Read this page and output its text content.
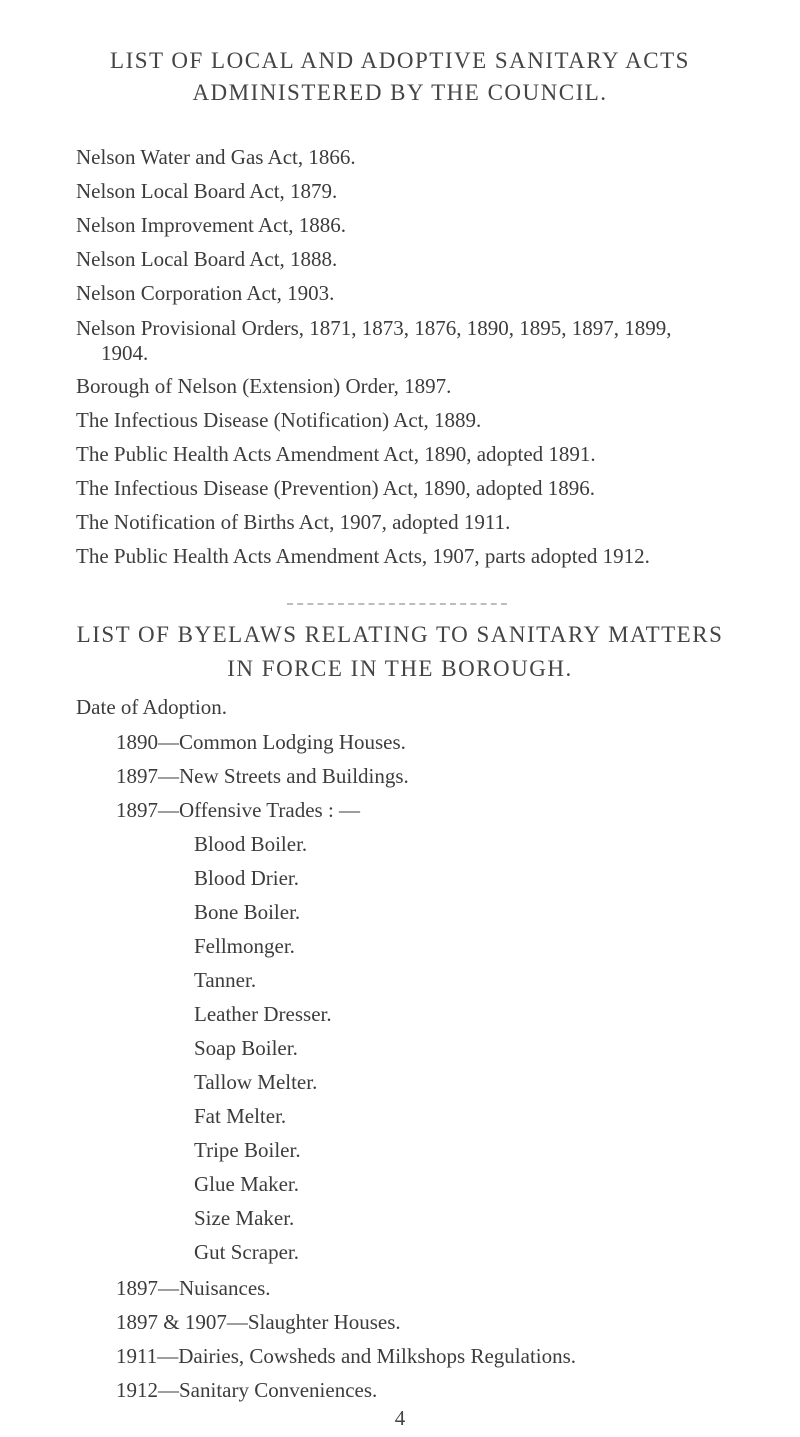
LIST OF LOCAL AND ADOPTIVE SANITARY ACTS
ADMINISTERED BY THE COUNCIL.
Nelson Water and Gas Act, 1866.
Nelson Local Board Act, 1879.
Nelson Improvement Act, 1886.
Nelson Local Board Act, 1888.
Nelson Corporation Act, 1903.
Nelson Provisional Orders, 1871, 1873, 1876, 1890, 1895, 1897, 1899, 1904.
Borough of Nelson (Extension) Order, 1897.
The Infectious Disease (Notification) Act, 1889.
The Public Health Acts Amendment Act, 1890, adopted 1891.
The Infectious Disease (Prevention) Act, 1890, adopted 1896.
The Notification of Births Act, 1907, adopted 1911.
The Public Health Acts Amendment Acts, 1907, parts adopted 1912.
LIST OF BYELAWS RELATING TO SANITARY MATTERS
IN FORCE IN THE BOROUGH.
Date of Adoption.
1890—Common Lodging Houses.
1897—New Streets and Buildings.
1897—Offensive Trades : —
Blood Boiler.
Blood Drier.
Bone Boiler.
Fellmonger.
Tanner.
Leather Dresser.
Soap Boiler.
Tallow Melter.
Fat Melter.
Tripe Boiler.
Glue Maker.
Size Maker.
Gut Scraper.
1897—Nuisances.
1897 & 1907—Slaughter Houses.
1911—Dairies, Cowsheds and Milkshops Regulations.
1912—Sanitary Conveniences.
4
